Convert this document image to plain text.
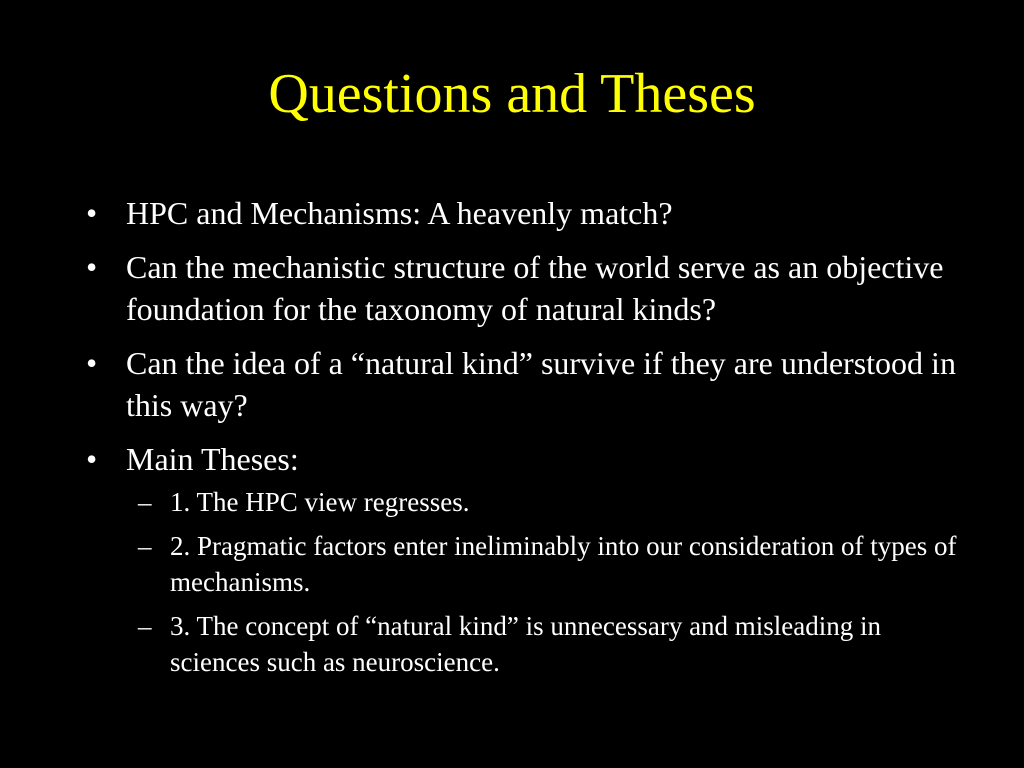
Questions and Theses
• HPC and Mechanisms: A heavenly match?
• Can the mechanistic structure of the world serve as an objective foundation for the taxonomy of natural kinds?
• Can the idea of a “natural kind” survive if they are understood in this way?
• Main Theses:
– 1. The HPC view regresses.
– 2. Pragmatic factors enter ineliminably into our consideration of types of mechanisms.
– 3. The concept of “natural kind” is unnecessary and misleading in sciences such as neuroscience.
